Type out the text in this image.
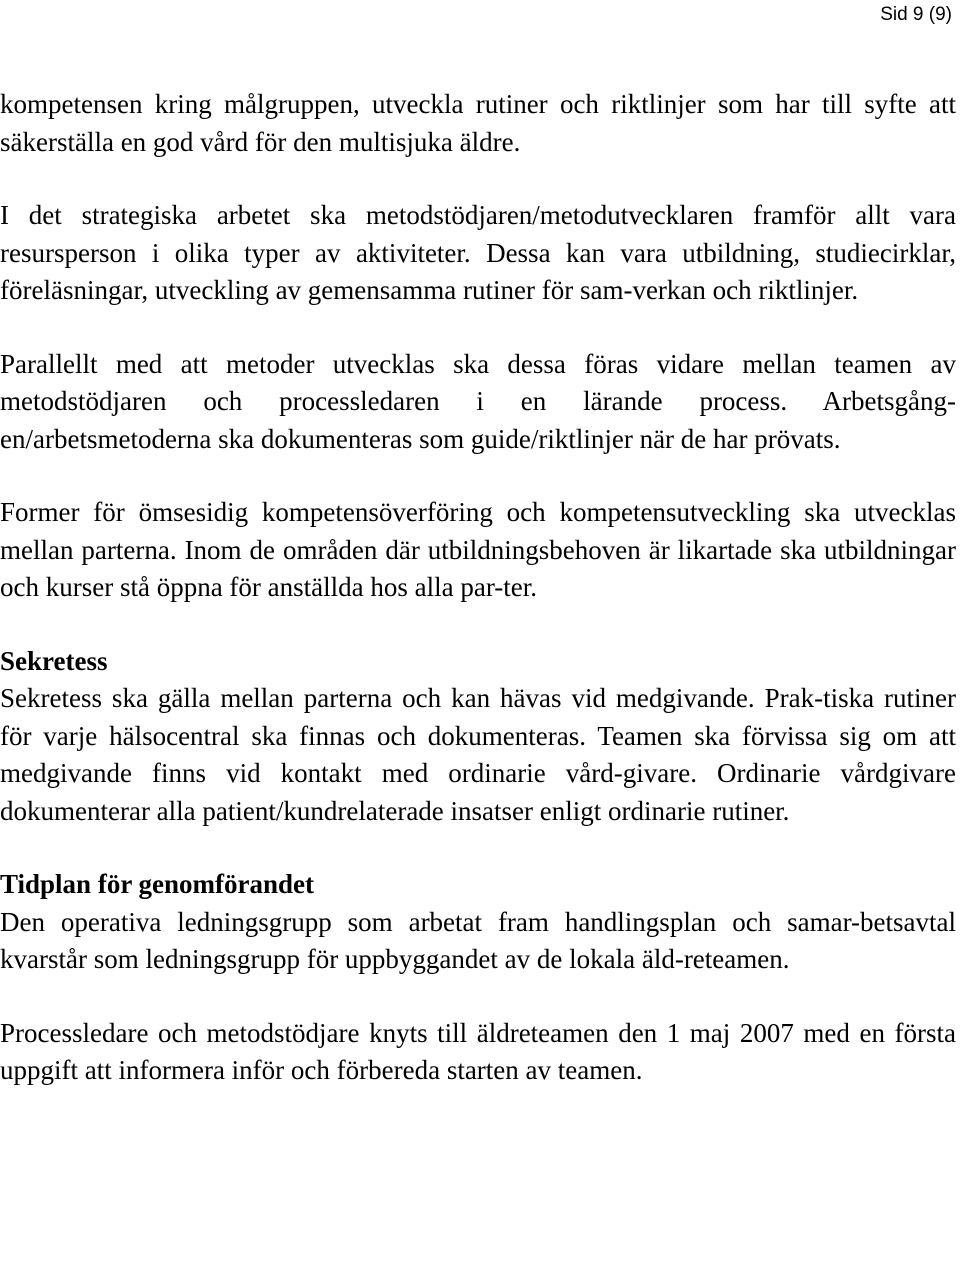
Sid 9 (9)

kompetensen kring målgruppen, utveckla rutiner och riktlinjer som har till syfte att säkerställa en god vård för den multisjuka äldre.

I det strategiska arbetet ska metodstödjaren/metodutvecklaren framför allt vara resursperson i olika typer av aktiviteter. Dessa kan vara utbildning, studiecirklar, föreläsningar, utveckling av gemensamma rutiner för sam-verkan och riktlinjer.

Parallellt med att metoder utvecklas ska dessa föras vidare mellan teamen av metodstödjaren och processledaren i en lärande process. Arbetsgång-en/arbetsmetoderna ska dokumenteras som guide/riktlinjer när de har prövats.

Former för ömsesidig kompetensöverföring och kompetensutveckling ska utvecklas mellan parterna. Inom de områden där utbildningsbehoven är likartade ska utbildningar och kurser stå öppna för anställda hos alla par-ter.

Sekretess

Sekretess ska gälla mellan parterna och kan hävas vid medgivande. Prak-tiska rutiner för varje hälsocentral ska finnas och dokumenteras. Teamen ska förvissa sig om att medgivande finns vid kontakt med ordinarie vård-givare. Ordinarie vårdgivare dokumenterar alla patient/kundrelaterade insatser enligt ordinarie rutiner.

Tidplan för genomförandet

Den operativa ledningsgrupp som arbetat fram handlingsplan och samar-betsavtal kvarstår som ledningsgrupp för uppbyggandet av de lokala äld-reteamen.

Processledare och metodstödjare knyts till äldreteamen den 1 maj 2007 med en första uppgift att informera inför och förbereda starten av teamen.
